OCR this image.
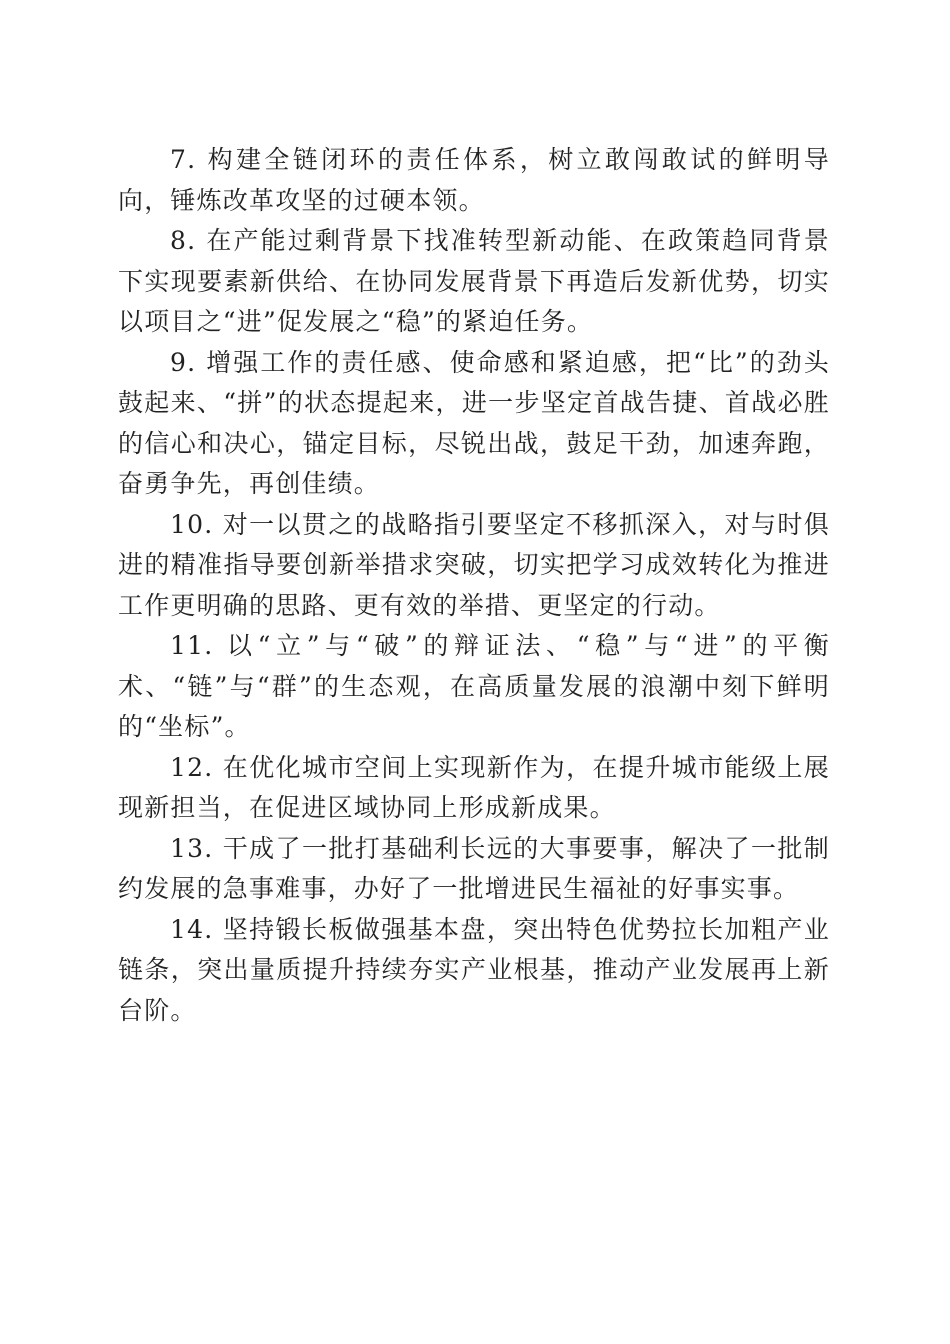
7. 构建全链闭环的责任体系，树立敢闯敢试的鲜明导向，锤炼改革攻坚的过硬本领。

8. 在产能过剩背景下找准转型新动能、在政策趋同背景下实现要素新供给、在协同发展背景下再造后发新优势，切实以项目之“进”促发展之“稳”的紧迫任务。

9. 增强工作的责任感、使命感和紧迫感，把“比”的劲头鼓起来、“拼”的状态提起来，进一步坚定首战告捷、首战必胜的信心和决心，锚定目标，尽锐出战，鼓足干劲，加速奔跑，奋勇争先，再创佳绩。

10. 对一以贯之的战略指引要坚定不移抓深入，对与时俱进的精准指导要创新举措求突破，切实把学习成效转化为推进工作更明确的思路、更有效的举措、更坚定的行动。

11. 以“立”与“破”的辩证法、“稳”与“进”的平衡术、“链”与“群”的生态观，在高质量发展的浪潮中刻下鲜明的“坐标”。

12. 在优化城市空间上实现新作为，在提升城市能级上展现新担当，在促进区域协同上形成新成果。

13. 干成了一批打基础利长远的大事要事，解决了一批制约发展的急事难事，办好了一批增进民生福祉的好事实事。

14. 坚持锻长板做强基本盘，突出特色优势拉长加粗产业链条，突出量质提升持续夯实产业根基，推动产业发展再上新台阶。
